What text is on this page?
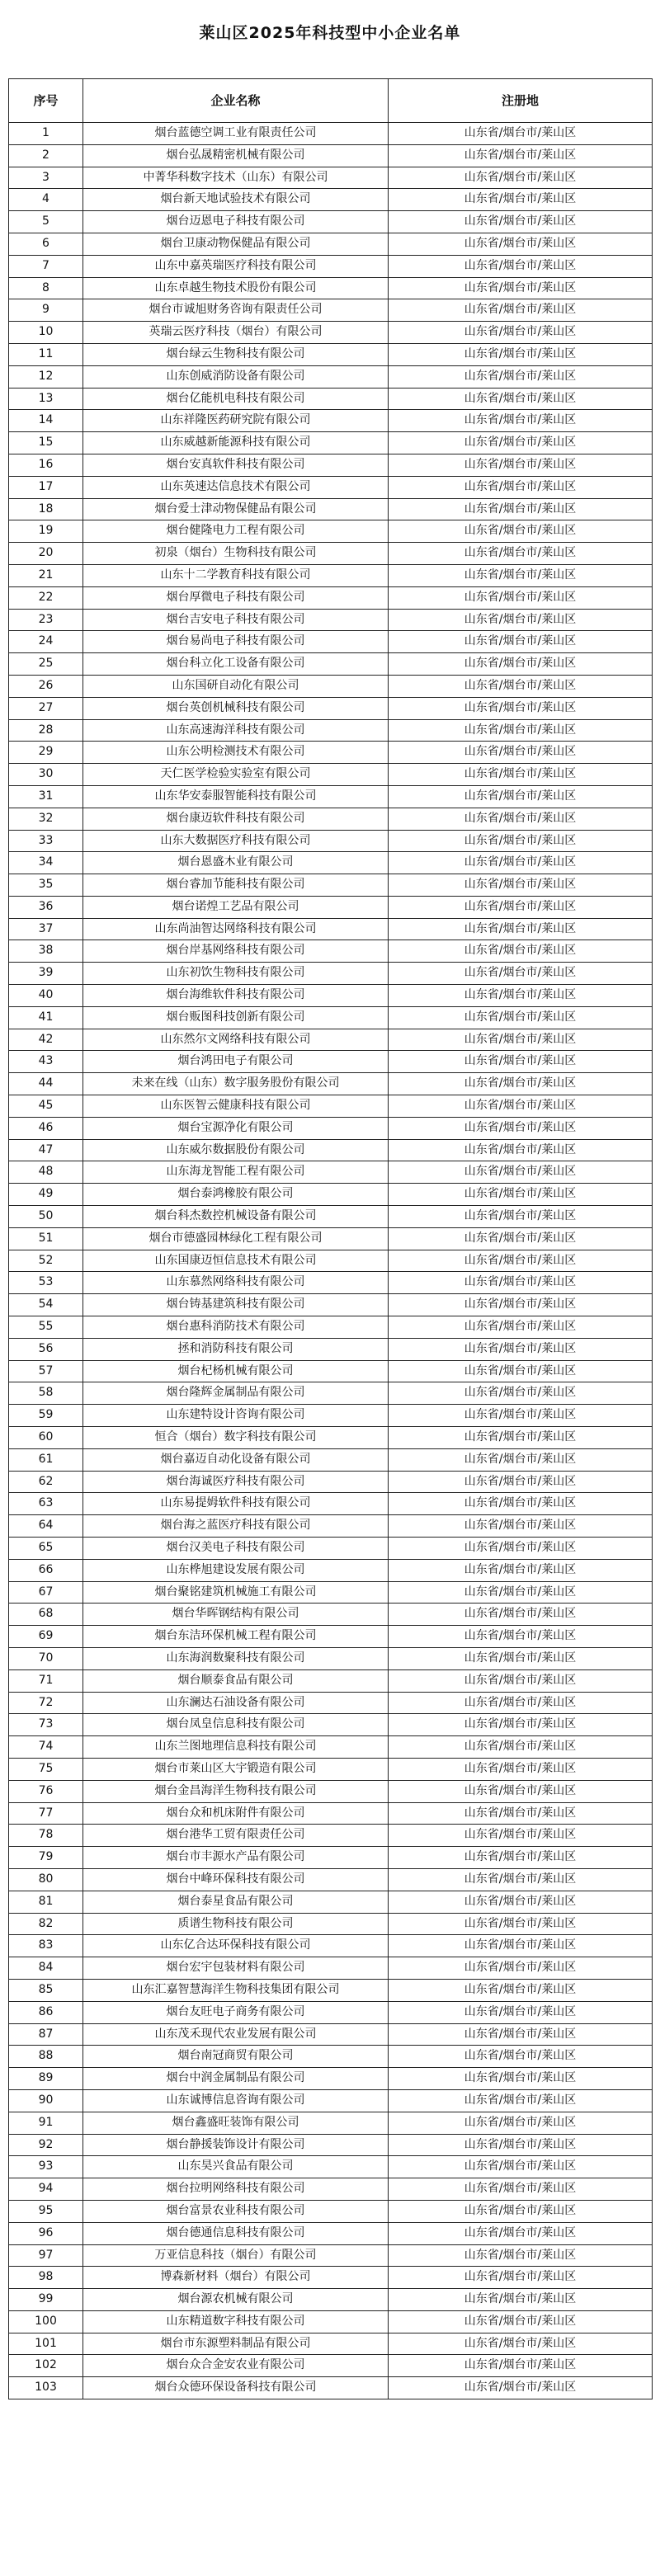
莱山区2025年科技型中小企业名单
序号	企业名称	注册地
1	烟台蓝德空调工业有限责任公司	山东省/烟台市/莱山区
2	烟台弘晟精密机械有限公司	山东省/烟台市/莱山区
3	中菁华科数字技术（山东）有限公司	山东省/烟台市/莱山区
4	烟台新天地试验技术有限公司	山东省/烟台市/莱山区
5	烟台迈恩电子科技有限公司	山东省/烟台市/莱山区
6	烟台卫康动物保健品有限公司	山东省/烟台市/莱山区
7	山东中嘉英瑞医疗科技有限公司	山东省/烟台市/莱山区
8	山东卓越生物技术股份有限公司	山东省/烟台市/莱山区
9	烟台市诚旭财务咨询有限责任公司	山东省/烟台市/莱山区
10	英瑞云医疗科技（烟台）有限公司	山东省/烟台市/莱山区
11	烟台绿云生物科技有限公司	山东省/烟台市/莱山区
12	山东创威消防设备有限公司	山东省/烟台市/莱山区
13	烟台亿能机电科技有限公司	山东省/烟台市/莱山区
14	山东祥隆医药研究院有限公司	山东省/烟台市/莱山区
15	山东威越新能源科技有限公司	山东省/烟台市/莱山区
16	烟台安真软件科技有限公司	山东省/烟台市/莱山区
17	山东英速达信息技术有限公司	山东省/烟台市/莱山区
18	烟台爱士津动物保健品有限公司	山东省/烟台市/莱山区
19	烟台健隆电力工程有限公司	山东省/烟台市/莱山区
20	初泉（烟台）生物科技有限公司	山东省/烟台市/莱山区
21	山东十二学教育科技有限公司	山东省/烟台市/莱山区
22	烟台厚微电子科技有限公司	山东省/烟台市/莱山区
23	烟台吉安电子科技有限公司	山东省/烟台市/莱山区
24	烟台易尚电子科技有限公司	山东省/烟台市/莱山区
25	烟台科立化工设备有限公司	山东省/烟台市/莱山区
26	山东国研自动化有限公司	山东省/烟台市/莱山区
27	烟台英创机械科技有限公司	山东省/烟台市/莱山区
28	山东高速海洋科技有限公司	山东省/烟台市/莱山区
29	山东公明检测技术有限公司	山东省/烟台市/莱山区
30	天仁医学检验实验室有限公司	山东省/烟台市/莱山区
31	山东华安泰服智能科技有限公司	山东省/烟台市/莱山区
32	烟台康迈软件科技有限公司	山东省/烟台市/莱山区
33	山东大数据医疗科技有限公司	山东省/烟台市/莱山区
34	烟台恩盛木业有限公司	山东省/烟台市/莱山区
35	烟台睿加节能科技有限公司	山东省/烟台市/莱山区
36	烟台诺煌工艺品有限公司	山东省/烟台市/莱山区
37	山东尚油智达网络科技有限公司	山东省/烟台市/莱山区
38	烟台岸基网络科技有限公司	山东省/烟台市/莱山区
39	山东初饮生物科技有限公司	山东省/烟台市/莱山区
40	烟台海维软件科技有限公司	山东省/烟台市/莱山区
41	烟台贩图科技创新有限公司	山东省/烟台市/莱山区
42	山东然尔文网络科技有限公司	山东省/烟台市/莱山区
43	烟台鸿田电子有限公司	山东省/烟台市/莱山区
44	未来在线（山东）数字服务股份有限公司	山东省/烟台市/莱山区
45	山东医智云健康科技有限公司	山东省/烟台市/莱山区
46	烟台宝源净化有限公司	山东省/烟台市/莱山区
47	山东威尔数据股份有限公司	山东省/烟台市/莱山区
48	山东海龙智能工程有限公司	山东省/烟台市/莱山区
49	烟台泰鸿橡胶有限公司	山东省/烟台市/莱山区
50	烟台科杰数控机械设备有限公司	山东省/烟台市/莱山区
51	烟台市德盛园林绿化工程有限公司	山东省/烟台市/莱山区
52	山东国康迈恒信息技术有限公司	山东省/烟台市/莱山区
53	山东慕然网络科技有限公司	山东省/烟台市/莱山区
54	烟台铸基建筑科技有限公司	山东省/烟台市/莱山区
55	烟台惠科消防技术有限公司	山东省/烟台市/莱山区
56	拯和消防科技有限公司	山东省/烟台市/莱山区
57	烟台杞杨机械有限公司	山东省/烟台市/莱山区
58	烟台隆辉金属制品有限公司	山东省/烟台市/莱山区
59	山东建特设计咨询有限公司	山东省/烟台市/莱山区
60	恒合（烟台）数字科技有限公司	山东省/烟台市/莱山区
61	烟台嘉迈自动化设备有限公司	山东省/烟台市/莱山区
62	烟台海诚医疗科技有限公司	山东省/烟台市/莱山区
63	山东易提姆软件科技有限公司	山东省/烟台市/莱山区
64	烟台海之蓝医疗科技有限公司	山东省/烟台市/莱山区
65	烟台汉美电子科技有限公司	山东省/烟台市/莱山区
66	山东桦旭建设发展有限公司	山东省/烟台市/莱山区
67	烟台聚铭建筑机械施工有限公司	山东省/烟台市/莱山区
68	烟台华晖钢结构有限公司	山东省/烟台市/莱山区
69	烟台东洁环保机械工程有限公司	山东省/烟台市/莱山区
70	山东海润数聚科技有限公司	山东省/烟台市/莱山区
71	烟台顺泰食品有限公司	山东省/烟台市/莱山区
72	山东澜达石油设备有限公司	山东省/烟台市/莱山区
73	烟台凤皇信息科技有限公司	山东省/烟台市/莱山区
74	山东兰图地理信息科技有限公司	山东省/烟台市/莱山区
75	烟台市莱山区大宇锻造有限公司	山东省/烟台市/莱山区
76	烟台金昌海洋生物科技有限公司	山东省/烟台市/莱山区
77	烟台众和机床附件有限公司	山东省/烟台市/莱山区
78	烟台港华工贸有限责任公司	山东省/烟台市/莱山区
79	烟台市丰源水产品有限公司	山东省/烟台市/莱山区
80	烟台中峰环保科技有限公司	山东省/烟台市/莱山区
81	烟台泰星食品有限公司	山东省/烟台市/莱山区
82	质谱生物科技有限公司	山东省/烟台市/莱山区
83	山东亿合达环保科技有限公司	山东省/烟台市/莱山区
84	烟台宏宇包装材料有限公司	山东省/烟台市/莱山区
85	山东汇嘉智慧海洋生物科技集团有限公司	山东省/烟台市/莱山区
86	烟台友旺电子商务有限公司	山东省/烟台市/莱山区
87	山东茂禾现代农业发展有限公司	山东省/烟台市/莱山区
88	烟台南冠商贸有限公司	山东省/烟台市/莱山区
89	烟台中润金属制品有限公司	山东省/烟台市/莱山区
90	山东诚博信息咨询有限公司	山东省/烟台市/莱山区
91	烟台鑫盛旺装饰有限公司	山东省/烟台市/莱山区
92	烟台静援装饰设计有限公司	山东省/烟台市/莱山区
93	山东昊兴食品有限公司	山东省/烟台市/莱山区
94	烟台拉明网络科技有限公司	山东省/烟台市/莱山区
95	烟台富景农业科技有限公司	山东省/烟台市/莱山区
96	烟台德通信息科技有限公司	山东省/烟台市/莱山区
97	万亚信息科技（烟台）有限公司	山东省/烟台市/莱山区
98	博森新材料（烟台）有限公司	山东省/烟台市/莱山区
99	烟台源农机械有限公司	山东省/烟台市/莱山区
100	山东精道数字科技有限公司	山东省/烟台市/莱山区
101	烟台市东源塑料制品有限公司	山东省/烟台市/莱山区
102	烟台众合金安农业有限公司	山东省/烟台市/莱山区
103	烟台众德环保设备科技有限公司	山东省/烟台市/莱山区
